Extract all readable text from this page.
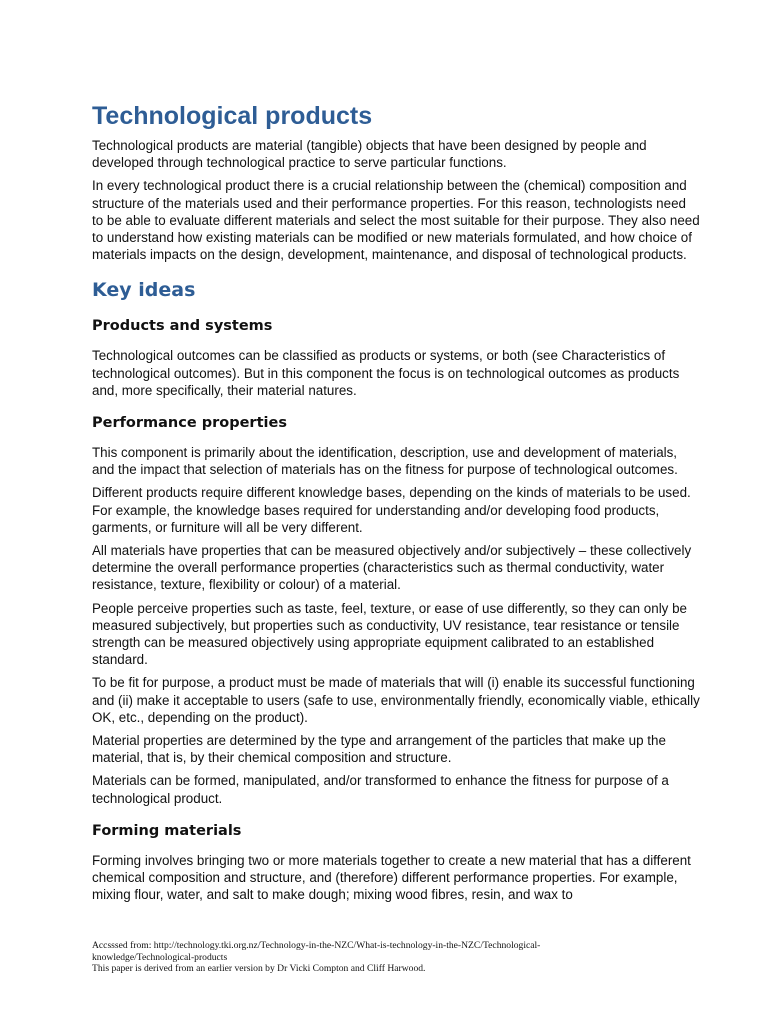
Technological products

Technological products are material (tangible) objects that have been designed by people and developed through technological practice to serve particular functions.

In every technological product there is a crucial relationship between the (chemical) composition and structure of the materials used and their performance properties. For this reason, technologists need to be able to evaluate different materials and select the most suitable for their purpose. They also need to understand how existing materials can be modified or new materials formulated, and how choice of materials impacts on the design, development, maintenance, and disposal of technological products.

Key ideas
Products and systems

Technological outcomes can be classified as products or systems, or both (see Characteristics of technological outcomes). But in this component the focus is on technological outcomes as products and, more specifically, their material natures.

Performance properties

This component is primarily about the identification, description, use and development of materials, and the impact that selection of materials has on the fitness for purpose of technological outcomes.

Different products require different knowledge bases, depending on the kinds of materials to be used. For example, the knowledge bases required for understanding and/or developing food products, garments, or furniture will all be very different.

All materials have properties that can be measured objectively and/or subjectively – these collectively determine the overall performance properties (characteristics such as thermal conductivity, water resistance, texture, flexibility or colour) of a material.

People perceive properties such as taste, feel, texture, or ease of use differently, so they can only be measured subjectively, but properties such as conductivity, UV resistance, tear resistance or tensile strength can be measured objectively using appropriate equipment calibrated to an established standard.

To be fit for purpose, a product must be made of materials that will (i) enable its successful functioning and (ii) make it acceptable to users (safe to use, environmentally friendly, economically viable, ethically OK, etc., depending on the product).

Material properties are determined by the type and arrangement of the particles that make up the material, that is, by their chemical composition and structure.

Materials can be formed, manipulated, and/or transformed to enhance the fitness for purpose of a technological product.

Forming materials

Forming involves bringing two or more materials together to create a new material that has a different chemical composition and structure, and (therefore) different performance properties. For example, mixing flour, water, and salt to make dough; mixing wood fibres, resin, and wax to

Accsssed from: http://technology.tki.org.nz/Technology-in-the-NZC/What-is-technology-in-the-NZC/Technological-
knowledge/Technological-products
This paper is derived from an earlier version by Dr Vicki Compton and Cliff Harwood.
